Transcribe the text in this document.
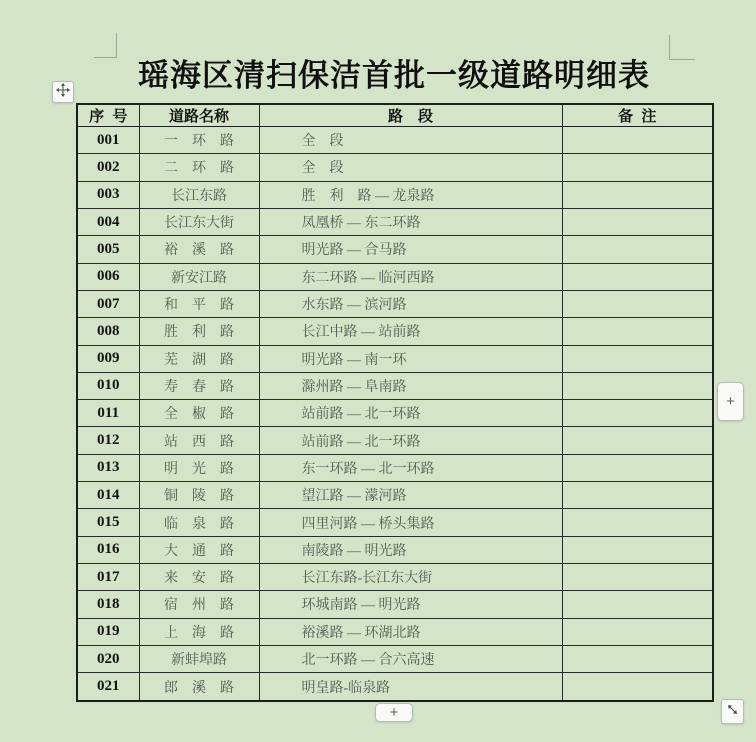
瑶海区清扫保洁首批一级道路明细表
序  号	道路名称	路　段	备  注
001	一　环　路	全　段	
002	二　环　路	全　段	
003	长江东路	胜　利　路 — 龙泉路	
004	长江东大街	凤凰桥 — 东二环路	
005	裕　溪　路	明光路 — 合马路	
006	新安江路	东二环路 — 临河西路	
007	和　平　路	水东路 — 滨河路	
008	胜　利　路	长江中路 — 站前路	
009	芜　湖　路	明光路 — 南一环	
010	寿　春　路	滁州路 — 阜南路	
011	全　椒　路	站前路 — 北一环路	
012	站　西　路	站前路 — 北一环路	
013	明　光　路	东一环路 — 北一环路	
014	铜　陵　路	望江路 — 濛河路	
015	临　泉　路	四里河路 — 桥头集路	
016	大　通　路	南陵路 — 明光路	
017	来　安　路	长江东路-长江东大街	
018	宿　州　路	环城南路 — 明光路	
019	上　海　路	裕溪路 — 环湖北路	
020	新蚌埠路	北一环路 — 合六高速	
021	郎　溪　路	明皇路-临泉路	
+
+
